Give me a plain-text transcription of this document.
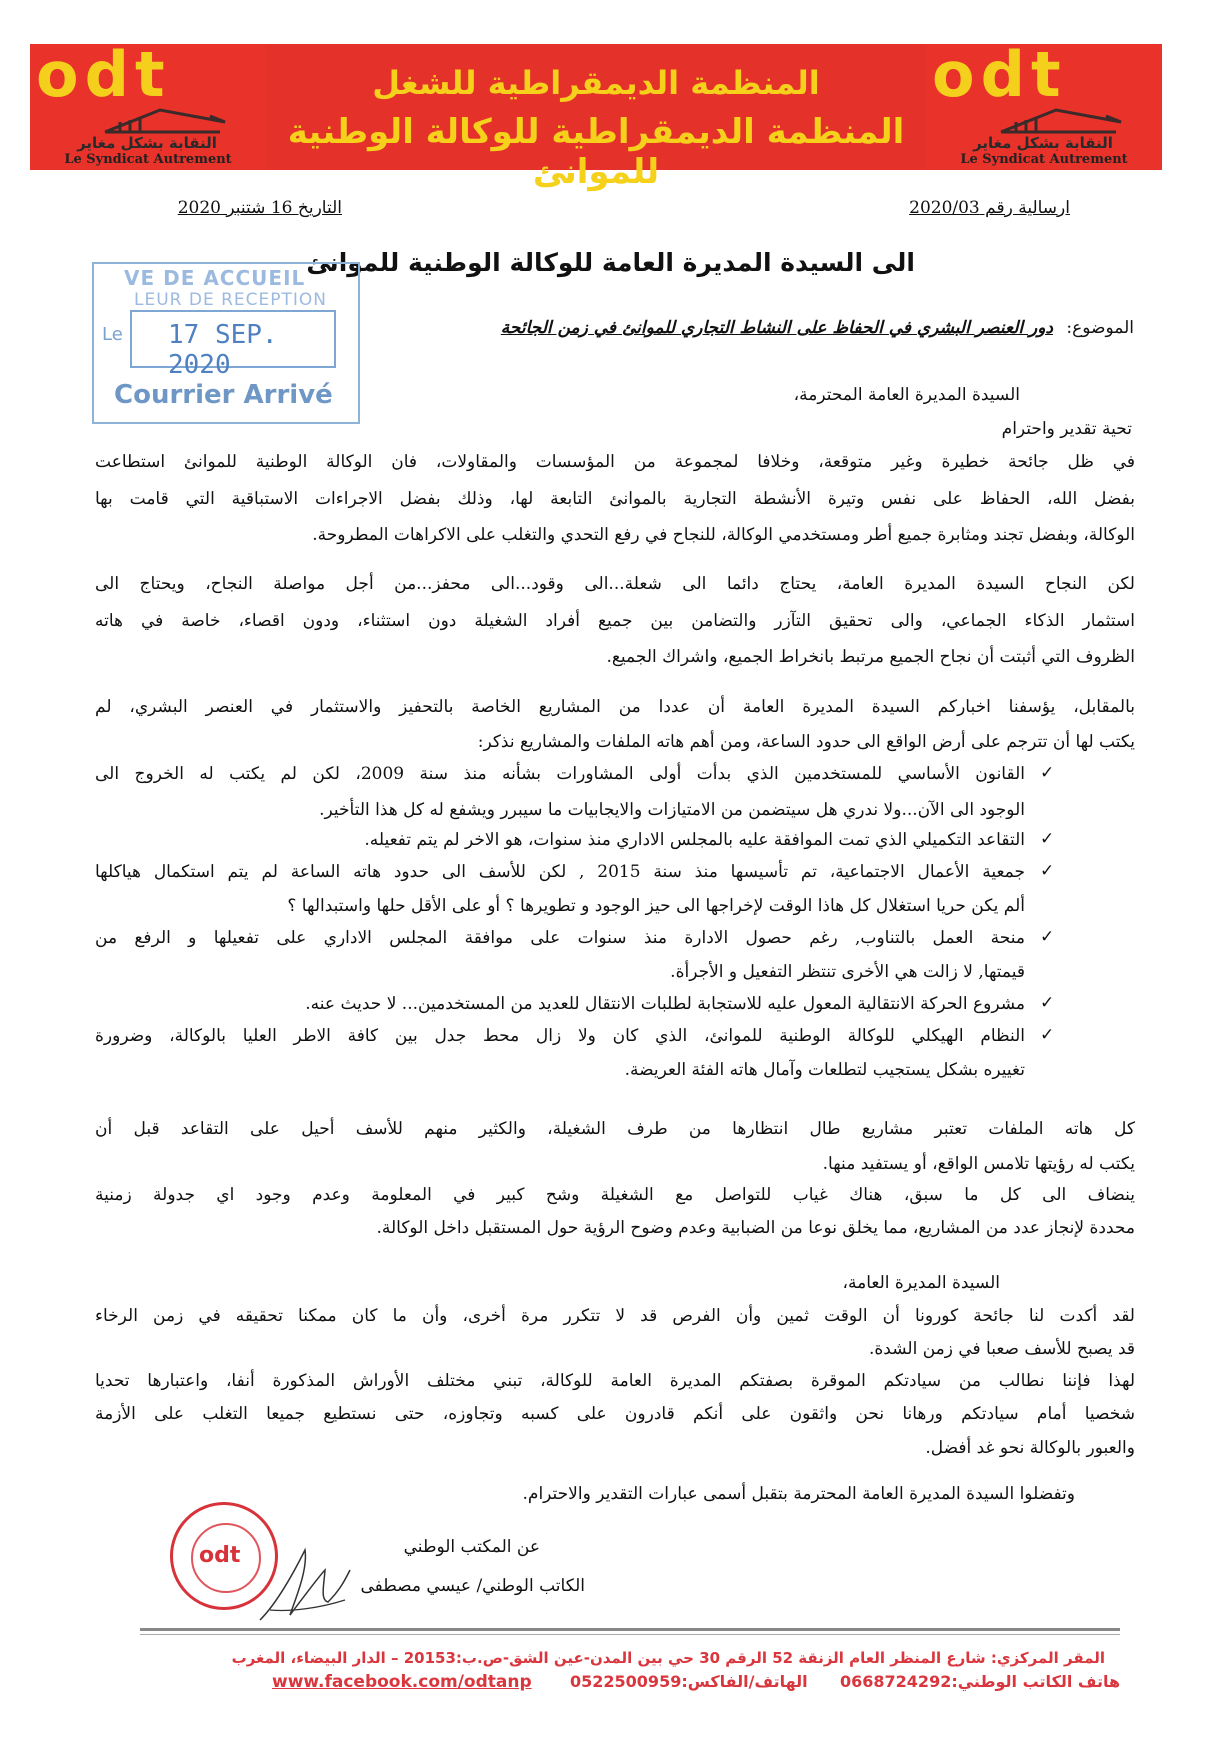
odt
النقابة بشكل مغاير
Le Syndicat Autrement
المنظمة الديمقراطية للشغل
المنظمة الديمقراطية للوكالة الوطنية للموانئ
odt
النقابة بشكل مغاير
Le Syndicat Autrement
ارسالية رقم 2020/03
التاريخ 16 شتنبر 2020
الى السيدة المديرة العامة للوكالة الوطنية للموانئ
الموضوع:
دور العنصر البشري في الحفاظ على النشاط التجاري للموانئ في زمن الجائحة
VE DE ACCUEIL
LEUR DE RECEPTION
Le 17 SEP. 2020
Courrier Arrivé	السيدة المديرة العامة المحترمة،
تحية تقدير واحترام
في ظل جائحة خطيرة وغير متوقعة، وخلافا لمجموعة من المؤسسات والمقاولات، فان الوكالة الوطنية للموانئ استطاعت
بفضل الله، الحفاظ على نفس وتيرة الأنشطة التجارية بالموانئ التابعة لها، وذلك بفضل الاجراءات الاستباقية التي قامت بها
الوكالة، وبفضل تجند ومثابرة جميع أطر ومستخدمي الوكالة، للنجاح في رفع التحدي والتغلب على الاكراهات المطروحة.
لكن النجاح السيدة المديرة العامة، يحتاج دائما الى شعلة...الى وقود...الى محفز...من أجل مواصلة النجاح، ويحتاج الى
استثمار الذكاء الجماعي، والى تحقيق التآزر والتضامن بين جميع أفراد الشغيلة دون استثناء، ودون اقصاء، خاصة في هاته
الظروف التي أثبتت أن نجاح الجميع مرتبط بانخراط الجميع، واشراك الجميع.
بالمقابل، يؤسفنا اخباركم السيدة المديرة العامة أن عددا من المشاريع الخاصة بالتحفيز والاستثمار في العنصر البشري، لم
يكتب لها أن تترجم على أرض الواقع الى حدود الساعة، ومن أهم هاته الملفات والمشاريع نذكر:
✓
القانون الأساسي للمستخدمين الذي بدأت أولى المشاورات بشأنه منذ سنة 2009، لكن لم يكتب له الخروج الى
الوجود الى الآن...ولا ندري هل سيتضمن من الامتيازات والايجابيات ما سيبرر ويشفع له كل هذا التأخير.
✓
التقاعد التكميلي الذي تمت الموافقة عليه بالمجلس الاداري منذ سنوات، هو الاخر لم يتم تفعيله.
✓
جمعية الأعمال الاجتماعية، تم تأسيسها منذ سنة 2015 , لكن للأسف الى حدود هاته الساعة لم يتم استكمال هياكلها
ألم يكن حريا استغلال كل هاذا الوقت لإخراجها الى حيز الوجود و تطويرها ؟ أو على الأقل حلها واستبدالها ؟
✓
منحة العمل بالتناوب, رغم حصول الادارة منذ سنوات على موافقة المجلس الاداري على تفعيلها و الرفع من
قيمتها, لا زالت هي الأخرى تنتظر التفعيل و الأجرأة.
✓
مشروع الحركة الانتقالية المعول عليه للاستجابة لطلبات الانتقال للعديد من المستخدمين... لا حديث عنه.
✓
النظام الهيكلي للوكالة الوطنية للموانئ، الذي كان ولا زال محط جدل بين كافة الاطر العليا بالوكالة، وضرورة
تغييره بشكل يستجيب لتطلعات وآمال هاته الفئة العريضة.
كل هاته الملفات تعتبر مشاريع طال انتظارها من طرف الشغيلة، والكثير منهم للأسف أحيل على التقاعد قبل أن
يكتب له رؤيتها تلامس الواقع، أو يستفيد منها.
ينضاف الى كل ما سبق، هناك غياب للتواصل مع الشغيلة وشح كبير في المعلومة وعدم وجود اي جدولة زمنية
محددة لإنجاز عدد من المشاريع، مما يخلق نوعا من الضبابية وعدم وضوح الرؤية حول المستقبل داخل الوكالة.
السيدة المديرة العامة،
لقد أكدت لنا جائحة كورونا أن الوقت ثمين وأن الفرص قد لا تتكرر مرة أخرى، وأن ما كان ممكنا تحقيقه في زمن الرخاء
قد يصبح للأسف صعبا في زمن الشدة.
لهذا فإننا نطالب من سيادتكم الموقرة بصفتكم المديرة العامة للوكالة، تبني مختلف الأوراش المذكورة أنفا، واعتبارها تحديا
شخصيا أمام سيادتكم ورهانا نحن واثقون على أنكم قادرون على كسبه وتجاوزه، حتى نستطيع جميعا التغلب على الأزمة
والعبور بالوكالة نحو غد أفضل.
وتفضلوا السيدة المديرة العامة المحترمة بتقبل أسمى عبارات التقدير والاحترام.
عن المكتب الوطني
الكاتب الوطني/ عيسي مصطفى
odt
المقر المركزي: شارع المنظر العام الزنقة 52 الرقم 30 حي بين المدن-عين الشق-ص.ب:20153 – الدار البيضاء، المغرب
www.facebook.com/odtanp الهاتف/الفاكس:0522500959 هاتف الكاتب الوطني:0668724292
